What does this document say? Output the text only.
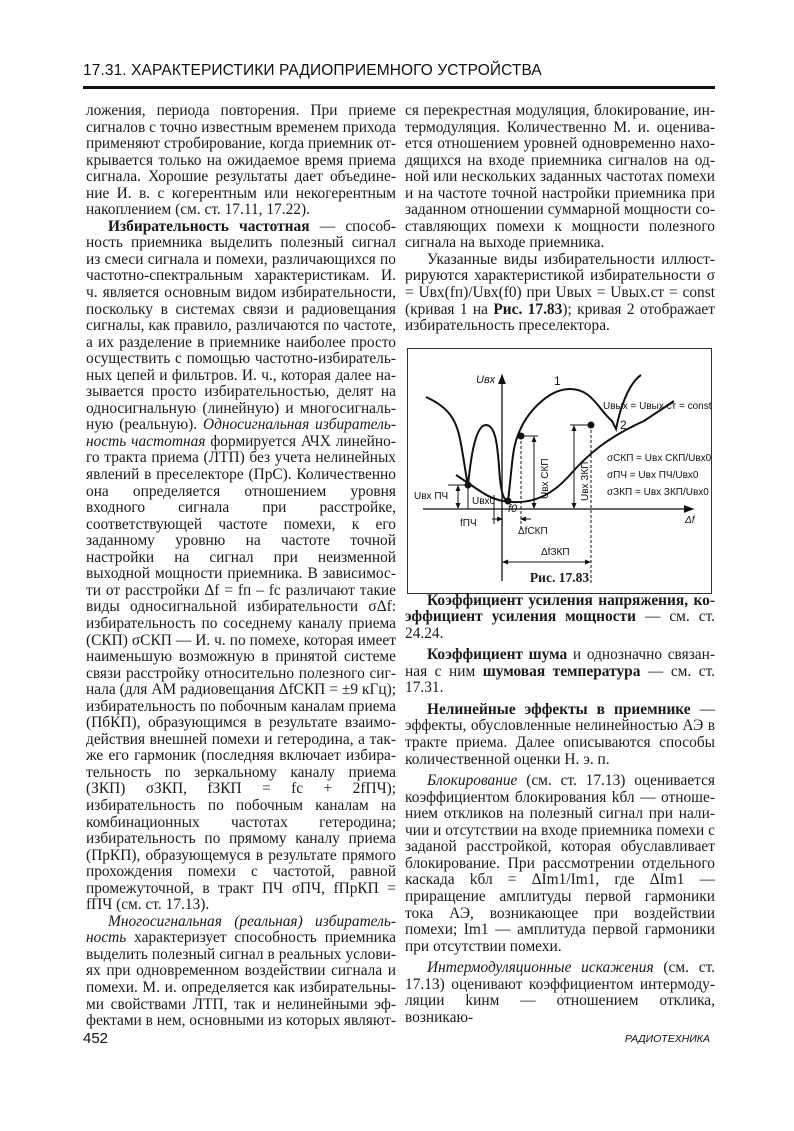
17.31. ХАРАКТЕРИСТИКИ РАДИОПРИЕМНОГО УСТРОЙСТВА

ложения, периода повторения. При приеме сигналов с точно известным временем прихода применяют стробирование, когда приемник открывается только на ожидаемое время приема сигнала. Хорошие результаты дает объединение И. в. с когерентным или некогерентным накоплением (см. ст. 17.11, 17.22).

Избирательность частотная — способность приемника выделить полезный сигнал из смеси сигнала и помехи, различающихся по частотно-спектральным характеристикам. И. ч. является основным видом избирательности, поскольку в системах связи и радиовещания сигналы, как правило, различаются по частоте, а их разделение в приемнике наиболее просто осуществить с помощью частотно-избирательных цепей и фильтров. И. ч., которая далее называется просто избирательностью, делят на односигнальную (линейную) и многосигнальную (реальную). Односигнальная избирательность частотная формируется АЧХ линейного тракта приема (ЛТП) без учета нелинейных явлений в преселекторе (ПрС). Количественно она определяется отношением уровня входного сигнала при расстройке, соответствующей частоте помехи, к его заданному уровню на частоте точной настройки на сигнал при неизменной выходной мощности приемника. В зависимости от расстройки Δf = fп – fс различают такие виды односигнальной избирательности σΔf: избирательность по соседнему каналу приема (СКП) σСКП — И. ч. по помехе, которая имеет наименьшую возможную в принятой системе связи расстройку относительно полезного сигнала (для АМ радиовещания ΔfСКП = ±9 кГц); избирательность по побочным каналам приема (ПбКП), образующимся в результате взаимодействия внешней помехи и гетеродина, а также его гармоник (последняя включает избирательность по зеркальному каналу приема (ЗКП) σЗКП, fЗКП = fс + 2fПЧ); избирательность по побочным каналам на комбинационных частотах гетеродина; избирательность по прямому каналу приема (ПрКП), образующемуся в результате прямого прохождения помехи с частотой, равной промежуточной, в тракт ПЧ σПЧ, fПрКП = fПЧ (см. ст. 17.13).

Многосигнальная (реальная) избирательность характеризует способность приемника выделить полезный сигнал в реальных условиях при одновременном воздействии сигнала и помехи. М. и. определяется как избирательными свойствами ЛТП, так и нелинейными эффектами в нем, основными из которых являют-

ся перекрестная модуляция, блокирование, интермодуляция. Количественно М. и. оценивается отношением уровней одновременно находящихся на входе приемника сигналов на одной или нескольких заданных частотах помехи и на частоте точной настройки приемника при заданном отношении суммарной мощности составляющих помехи к мощности полезного сигнала на выходе приемника.

Указанные виды избирательности иллюстрируются характеристикой избирательности σ = Uвх(fп)/Uвх(f0) при Uвых = Uвых.ст = const (кривая 1 на Рис. 17.83); кривая 2 отображает избирательность преселектора.

Коэффициент усиления напряжения, коэффициент усиления мощности — см. ст. 24.24.

Коэффициент шума и однозначно связанная с ним шумовая температура — см. ст. 17.31.

Нелинейные эффекты в приемнике — эффекты, обусловленные нелинейностью АЭ в тракте приема. Далее описываются способы количественной оценки Н. э. п.

Блокирование (см. ст. 17.13) оценивается коэффициентом блокирования kбл — отношением откликов на полезный сигнал при наличии и отсутствии на входе приемника помехи с заданой расстройкой, которая обуславливает блокирование. При рассмотрении отдельного каскада kбл = ΔIm1/Im1, где ΔIm1 — приращение амплитуды первой гармоники тока АЭ, возникающее при воздействии помехи; Im1 — амплитуда первой гармоники при отсутствии помехи.

Интермодуляционные искажения (см. ст. 17.13) оценивают коэффициентом интермодуляции kинм — отношением отклика, возникаю-

Uвх	1
2
Uвых = Uвых ст = const
σСКП = Uвх СКП/Uвх0
σПЧ = Uвх ПЧ/Uвх0
σЗКП = Uвх ЗКП/Uвх0
Uвх СКП	Uвх ЗКП
Uвх ПЧ Uвх0
f0
fПЧ
ΔfСКП
ΔfЗКП
Δf
Рис. 17.83
452	РАДИОТЕХНИКА
